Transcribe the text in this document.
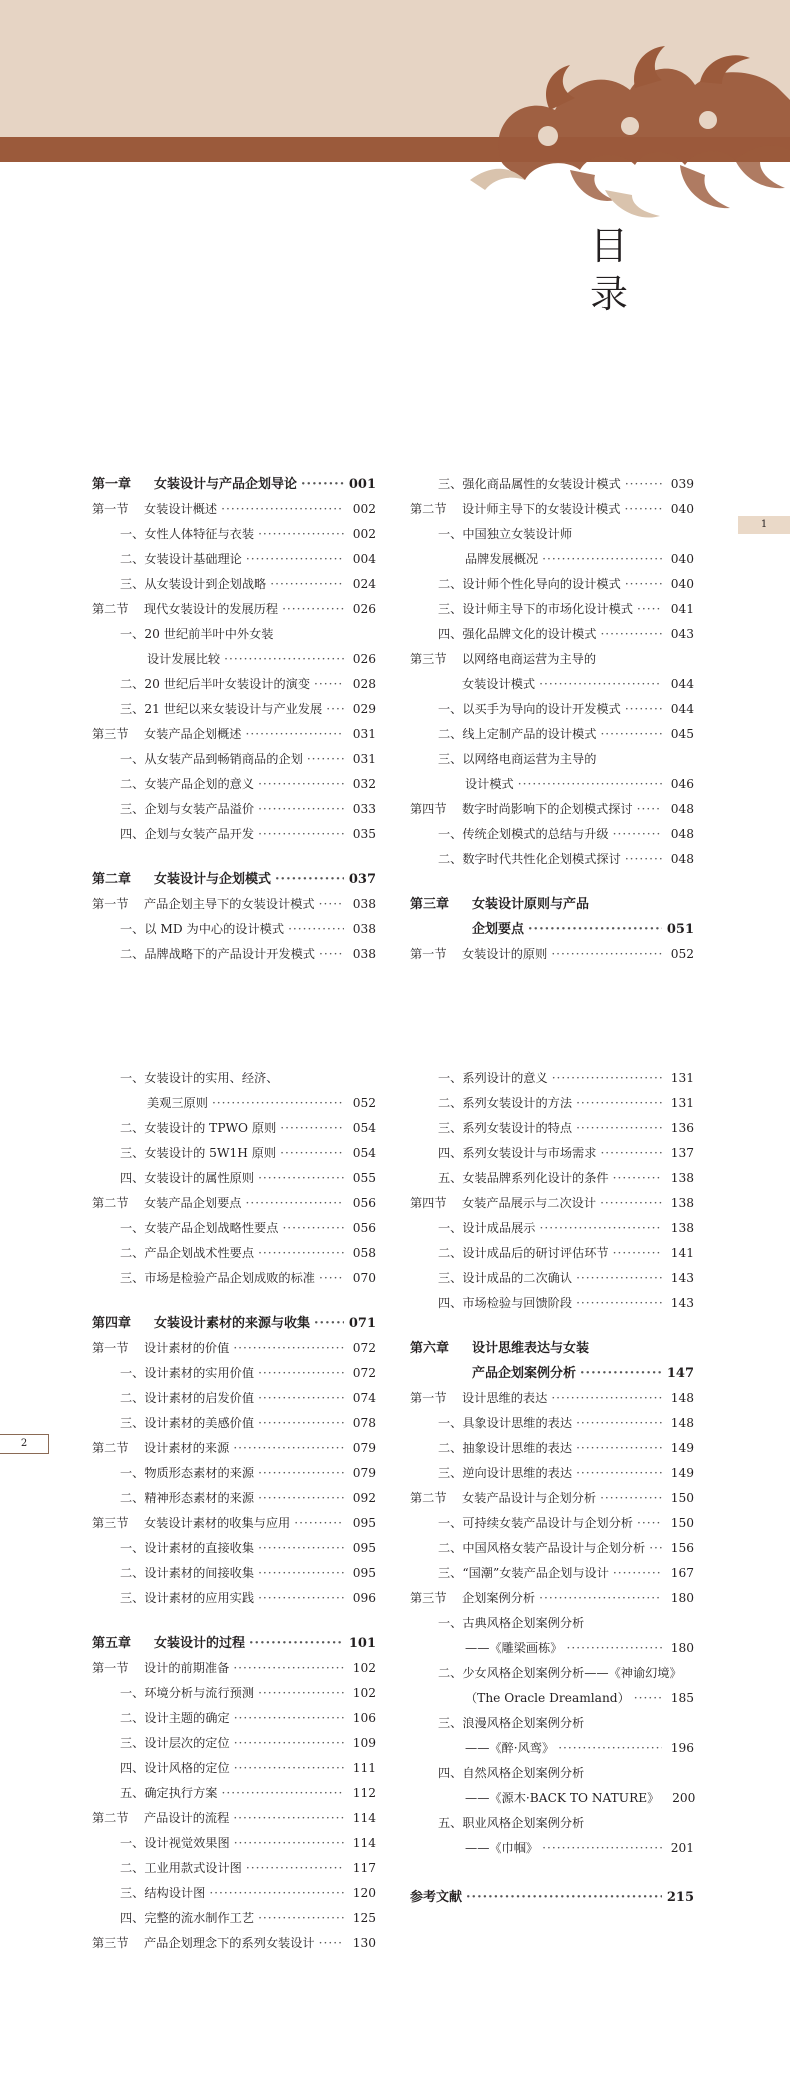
目
录
1
2
第一章	女装设计与产品企划导论 ·····	001
第一节	女装设计概述 ·····	002
一、女性人体特征与衣装 ·····	002
二、女装设计基础理论 ·····	004
三、从女装设计到企划战略 ·····	024
第二节	现代女装设计的发展历程 ·····	026
一、20 世纪前半叶中外女装
设计发展比较 ·····	026
二、20 世纪后半叶女装设计的演变 ·····	028
三、21 世纪以来女装设计与产业发展 ·····	029
第三节	女装产品企划概述 ·····	031
一、从女装产品到畅销商品的企划 ·····	031
二、女装产品企划的意义 ·····	032
三、企划与女装产品溢价 ·····	033
四、企划与女装产品开发 ·····	035
第二章	女装设计与企划模式 ·····	037
第一节	产品企划主导下的女装设计模式 ·····	038
一、以 MD 为中心的设计模式 ·····	038
二、品牌战略下的产品设计开发模式 ·····	038
三、强化商品属性的女装设计模式 ·····	039
第二节	设计师主导下的女装设计模式 ·····	040
一、中国独立女装设计师
品牌发展概况 ·····	040
二、设计师个性化导向的设计模式 ·····	040
三、设计师主导下的市场化设计模式 ·····	041
四、强化品牌文化的设计模式 ·····	043
第三节	以网络电商运营为主导的
女装设计模式 ·····	044
一、以买手为导向的设计开发模式 ·····	044
二、线上定制产品的设计模式 ·····	045
三、以网络电商运营为主导的
设计模式 ·····	046
第四节	数字时尚影响下的企划模式探讨 ·····	048
一、传统企划模式的总结与升级 ·····	048
二、数字时代共性化企划模式探讨 ·····	048
第三章	女装设计原则与产品
企划要点 ·····	051
第一节	女装设计的原则 ·····	052
一、女装设计的实用、经济、
美观三原则 ·····	052
二、女装设计的 TPWO 原则 ·····	054
三、女装设计的 5W1H 原则 ·····	054
四、女装设计的属性原则 ·····	055
第二节	女装产品企划要点 ·····	056
一、女装产品企划战略性要点 ·····	056
二、产品企划战术性要点 ·····	058
三、市场是检验产品企划成败的标准 ·····	070
第四章	女装设计素材的来源与收集 ·····	071
第一节	设计素材的价值 ·····	072
一、设计素材的实用价值 ·····	072
二、设计素材的启发价值 ·····	074
三、设计素材的美感价值 ·····	078
第二节	设计素材的来源 ·····	079
一、物质形态素材的来源 ·····	079
二、精神形态素材的来源 ·····	092
第三节	女装设计素材的收集与应用 ·····	095
一、设计素材的直接收集 ·····	095
二、设计素材的间接收集 ·····	095
三、设计素材的应用实践 ·····	096
第五章	女装设计的过程 ·····	101
第一节	设计的前期准备 ·····	102
一、环境分析与流行预测 ·····	102
二、设计主题的确定 ·····	106
三、设计层次的定位 ·····	109
四、设计风格的定位 ·····	111
五、确定执行方案 ·····	112
第二节	产品设计的流程 ·····	114
一、设计视觉效果图 ·····	114
二、工业用款式设计图 ·····	117
三、结构设计图 ·····	120
四、完整的流水制作工艺 ·····	125
第三节	产品企划理念下的系列女装设计 ·····	130
一、系列设计的意义 ·····	131
二、系列女装设计的方法 ·····	131
三、系列女装设计的特点 ·····	136
四、系列女装设计与市场需求 ·····	137
五、女装品牌系列化设计的条件 ·····	138
第四节	女装产品展示与二次设计 ·····	138
一、设计成品展示 ·····	138
二、设计成品后的研讨评估环节 ·····	141
三、设计成品的二次确认 ·····	143
四、市场检验与回馈阶段 ·····	143
第六章	设计思维表达与女装
产品企划案例分析 ·····	147
第一节	设计思维的表达 ·····	148
一、具象设计思维的表达 ·····	148
二、抽象设计思维的表达 ·····	149
三、逆向设计思维的表达 ·····	149
第二节	女装产品设计与企划分析 ·····	150
一、可持续女装产品设计与企划分析 ·····	150
二、中国风格女装产品设计与企划分析 ·····	156
三、“国潮”女装产品企划与设计 ·····	167
第三节	企划案例分析 ·····	180
一、古典风格企划案例分析
——《雕梁画栋》 ·····	180
二、少女风格企划案例分析——《神谕幻境》
（The Oracle Dreamland） ·····	185
三、浪漫风格企划案例分析
——《醉·风鸾》 ·····	196
四、自然风格企划案例分析
——《源木·BACK TO NATURE》	200
五、职业风格企划案例分析
——《巾帼》 ·····	201
参考文献 ·····	215
